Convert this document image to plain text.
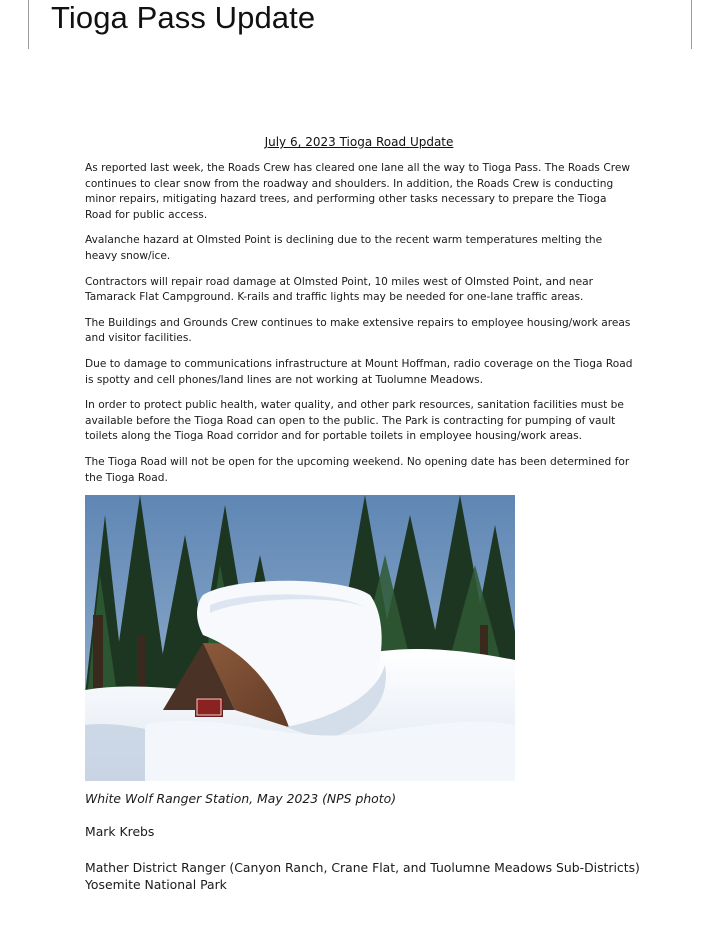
Tioga Pass Update
July 6, 2023 Tioga Road Update

As reported last week, the Roads Crew has cleared one lane all the way to Tioga Pass. The Roads Crew continues to clear snow from the roadway and shoulders. In addition, the Roads Crew is conducting minor repairs, mitigating hazard trees, and performing other tasks necessary to prepare the Tioga Road for public access.

Avalanche hazard at Olmsted Point is declining due to the recent warm temperatures melting the heavy snow/ice.

Contractors will repair road damage at Olmsted Point, 10 miles west of Olmsted Point, and near Tamarack Flat Campground. K-rails and traffic lights may be needed for one-lane traffic areas.

The Buildings and Grounds Crew continues to make extensive repairs to employee housing/work areas and visitor facilities.

Due to damage to communications infrastructure at Mount Hoffman, radio coverage on the Tioga Road is spotty and cell phones/land lines are not working at Tuolumne Meadows.

In order to protect public health, water quality, and other park resources, sanitation facilities must be available before the Tioga Road can open to the public. The Park is contracting for pumping of vault toilets along the Tioga Road corridor and for portable toilets in employee housing/work areas.

The Tioga Road will not be open for the upcoming weekend. No opening date has been determined for the Tioga Road.

White Wolf Ranger Station, May 2023 (NPS photo)
Mark Krebs
Mather District Ranger (Canyon Ranch, Crane Flat, and Tuolumne Meadows Sub-Districts)
Yosemite National Park
